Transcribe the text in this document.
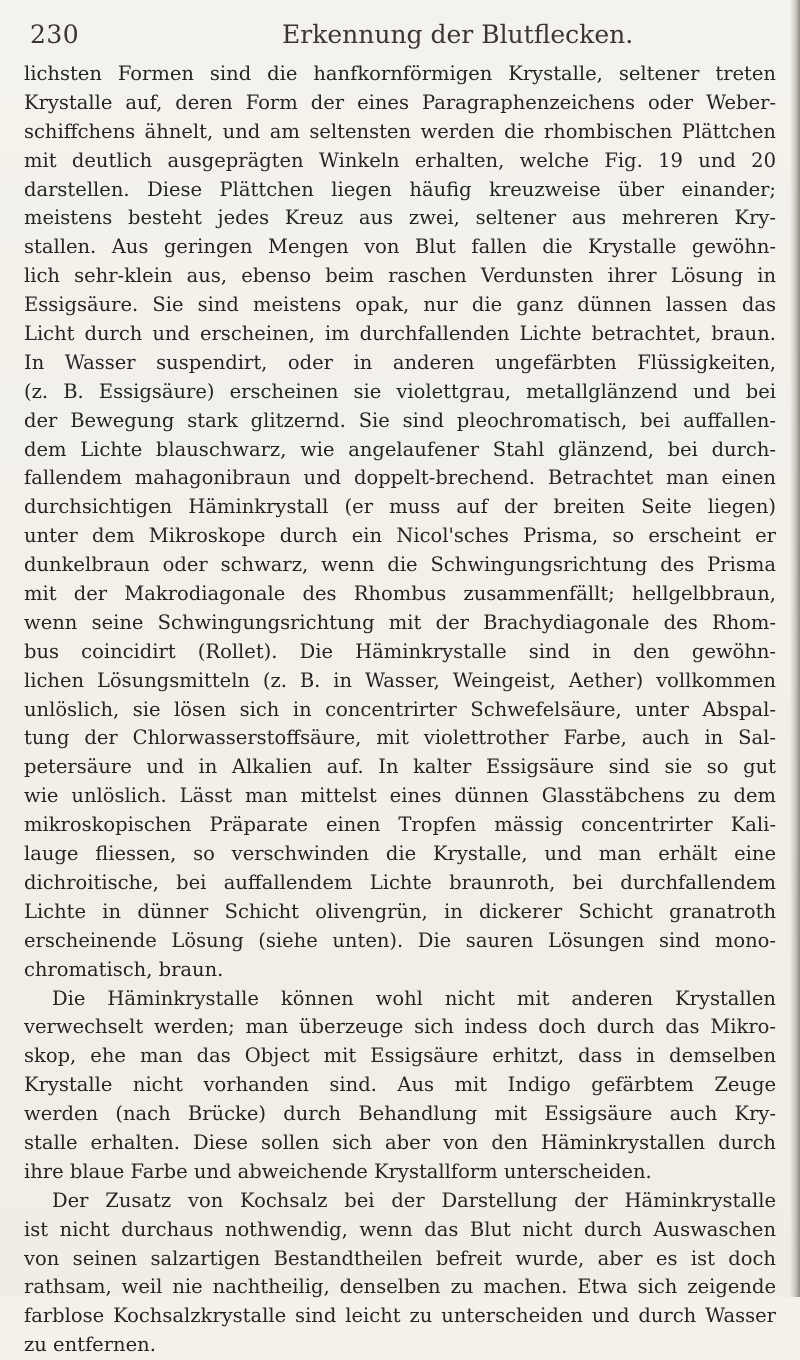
230	Erkennung der Blutflecken.
lichsten Formen sind die hanfkornförmigen Krystalle, seltener treten
Krystalle auf, deren Form der eines Paragraphenzeichens oder Weber-
schiffchens ähnelt, und am seltensten werden die rhombischen Plättchen
mit deutlich ausgeprägten Winkeln erhalten, welche Fig. 19 und 20
darstellen. Diese Plättchen liegen häufig kreuzweise über einander;
meistens besteht jedes Kreuz aus zwei, seltener aus mehreren Kry-
stallen. Aus geringen Mengen von Blut fallen die Krystalle gewöhn-
lich sehr-klein aus, ebenso beim raschen Verdunsten ihrer Lösung in
Essigsäure. Sie sind meistens opak, nur die ganz dünnen lassen das
Licht durch und erscheinen, im durchfallenden Lichte betrachtet, braun.
In Wasser suspendirt, oder in anderen ungefärbten Flüssigkeiten,
(z. B. Essigsäure) erscheinen sie violettgrau, metallglänzend und bei
der Bewegung stark glitzernd. Sie sind pleochromatisch, bei auffallen-
dem Lichte blauschwarz, wie angelaufener Stahl glänzend, bei durch-
fallendem mahagonibraun und doppelt-brechend. Betrachtet man einen
durchsichtigen Häminkrystall (er muss auf der breiten Seite liegen)
unter dem Mikroskope durch ein Nicol'sches Prisma, so erscheint er
dunkelbraun oder schwarz, wenn die Schwingungsrichtung des Prisma
mit der Makrodiagonale des Rhombus zusammenfällt; hellgelbbraun,
wenn seine Schwingungsrichtung mit der Brachydiagonale des Rhom-
bus coincidirt (Rollet). Die Häminkrystalle sind in den gewöhn-
lichen Lösungsmitteln (z. B. in Wasser, Weingeist, Aether) vollkommen
unlöslich, sie lösen sich in concentrirter Schwefelsäure, unter Abspal-
tung der Chlorwasserstoffsäure, mit violettrother Farbe, auch in Sal-
petersäure und in Alkalien auf. In kalter Essigsäure sind sie so gut
wie unlöslich. Lässt man mittelst eines dünnen Glasstäbchens zu dem
mikroskopischen Präparate einen Tropfen mässig concentrirter Kali-
lauge fliessen, so verschwinden die Krystalle, und man erhält eine
dichroitische, bei auffallendem Lichte braunroth, bei durchfallendem
Lichte in dünner Schicht olivengrün, in dickerer Schicht granatroth
erscheinende Lösung (siehe unten). Die sauren Lösungen sind mono-
chromatisch, braun.
Die Häminkrystalle können wohl nicht mit anderen Krystallen
verwechselt werden; man überzeuge sich indess doch durch das Mikro-
skop, ehe man das Object mit Essigsäure erhitzt, dass in demselben
Krystalle nicht vorhanden sind. Aus mit Indigo gefärbtem Zeuge
werden (nach Brücke) durch Behandlung mit Essigsäure auch Kry-
stalle erhalten. Diese sollen sich aber von den Häminkrystallen durch
ihre blaue Farbe und abweichende Krystallform unterscheiden.
Der Zusatz von Kochsalz bei der Darstellung der Häminkrystalle
ist nicht durchaus nothwendig, wenn das Blut nicht durch Auswaschen
von seinen salzartigen Bestandtheilen befreit wurde, aber es ist doch
rathsam, weil nie nachtheilig, denselben zu machen. Etwa sich zeigende
farblose Kochsalzkrystalle sind leicht zu unterscheiden und durch Wasser
zu entfernen.
